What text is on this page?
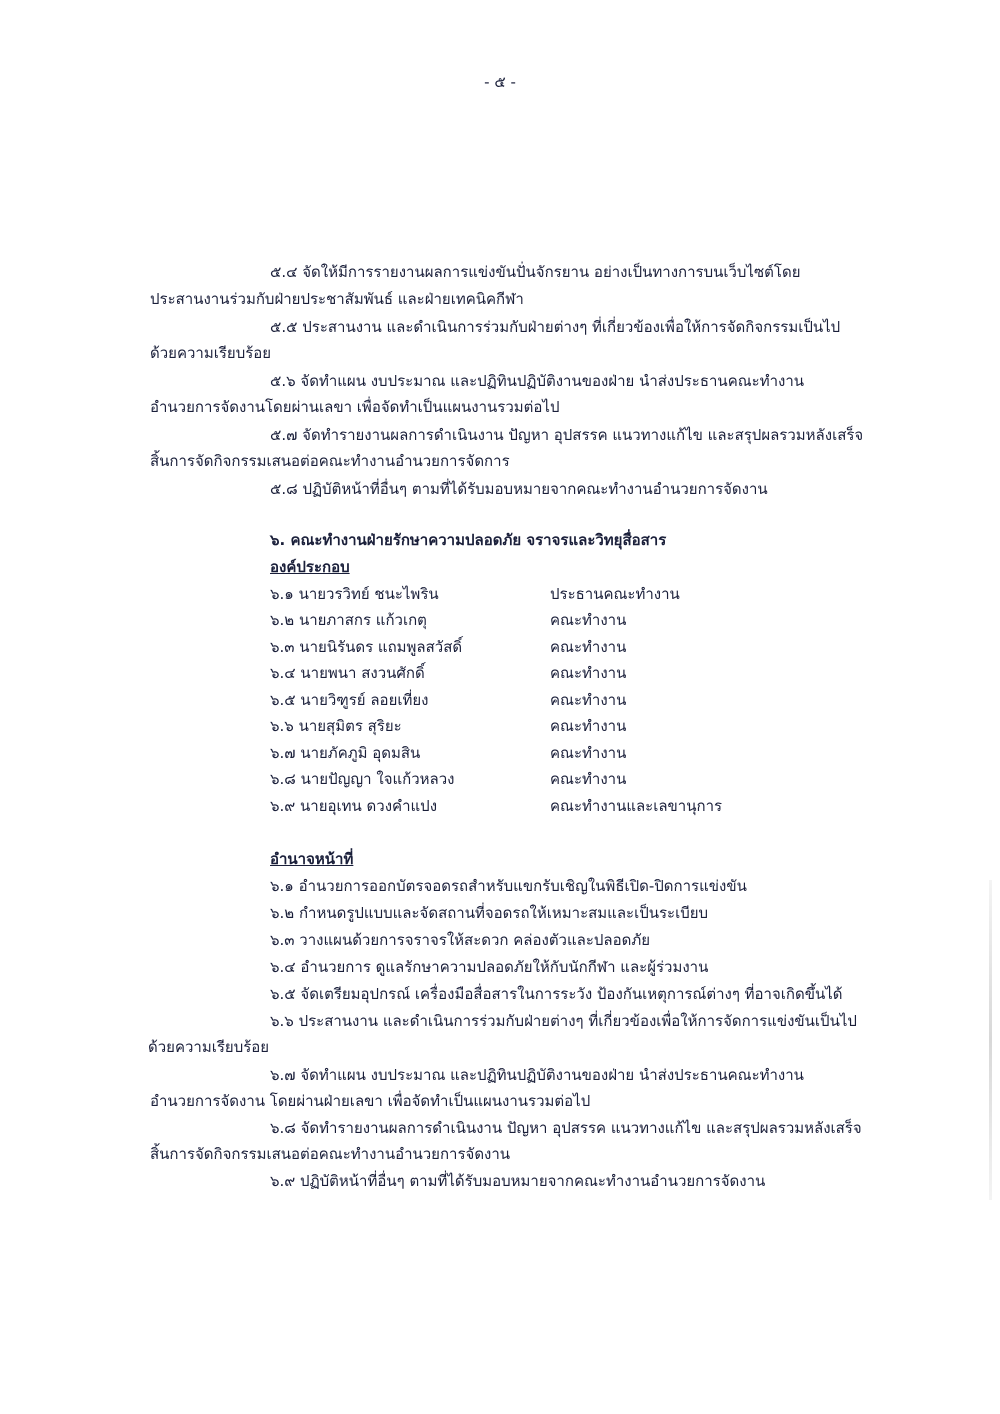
- ๕ -
๕.๔ จัดให้มีการรายงานผลการแข่งขันปั่นจักรยาน อย่างเป็นทางการบนเว็บไซต์โดย
ประสานงานร่วมกับฝ่ายประชาสัมพันธ์ และฝ่ายเทคนิคกีฬา
๕.๕ ประสานงาน และดำเนินการร่วมกับฝ่ายต่างๆ ที่เกี่ยวข้องเพื่อให้การจัดกิจกรรมเป็นไป
ด้วยความเรียบร้อย
๕.๖ จัดทำแผน งบประมาณ และปฏิทินปฏิบัติงานของฝ่าย นำส่งประธานคณะทำงาน
อำนวยการจัดงานโดยผ่านเลขา เพื่อจัดทำเป็นแผนงานรวมต่อไป
๕.๗ จัดทำรายงานผลการดำเนินงาน ปัญหา อุปสรรค แนวทางแก้ไข และสรุปผลรวมหลังเสร็จ
สิ้นการจัดกิจกรรมเสนอต่อคณะทำงานอำนวยการจัดการ
๕.๘ ปฏิบัติหน้าที่อื่นๆ ตามที่ได้รับมอบหมายจากคณะทำงานอำนวยการจัดงาน
๖. คณะทำงานฝ่ายรักษาความปลอดภัย จราจรและวิทยุสื่อสาร
องค์ประกอบ
๖.๑ นายวรวิทย์ ชนะไพริน	ประธานคณะทำงาน
๖.๒ นายภาสกร แก้วเกตุ	คณะทำงาน
๖.๓ นายนิรันดร แถมพูลสวัสดิ์	คณะทำงาน
๖.๔ นายพนา สงวนศักดิ์	คณะทำงาน
๖.๕ นายวิฑูรย์ ลอยเที่ยง	คณะทำงาน
๖.๖ นายสุมิตร สุริยะ	คณะทำงาน
๖.๗ นายภัคภูมิ อุดมสิน	คณะทำงาน
๖.๘ นายปัญญา ใจแก้วหลวง	คณะทำงาน
๖.๙ นายอุเทน ดวงคำแปง	คณะทำงานและเลขานุการ
อำนาจหน้าที่
๖.๑ อำนวยการออกบัตรจอดรถสำหรับแขกรับเชิญในพิธีเปิด-ปิดการแข่งขัน
๖.๒ กำหนดรูปแบบและจัดสถานที่จอดรถให้เหมาะสมและเป็นระเบียบ
๖.๓ วางแผนด้วยการจราจรให้สะดวก คล่องตัวและปลอดภัย
๖.๔ อำนวยการ ดูแลรักษาความปลอดภัยให้กับนักกีฬา และผู้ร่วมงาน
๖.๕ จัดเตรียมอุปกรณ์ เครื่องมือสื่อสารในการระวัง ป้องกันเหตุการณ์ต่างๆ ที่อาจเกิดขึ้นได้
๖.๖ ประสานงาน และดำเนินการร่วมกับฝ่ายต่างๆ ที่เกี่ยวข้องเพื่อให้การจัดการแข่งขันเป็นไป
ด้วยความเรียบร้อย
๖.๗ จัดทำแผน งบประมาณ และปฏิทินปฏิบัติงานของฝ่าย นำส่งประธานคณะทำงาน
อำนวยการจัดงาน โดยผ่านฝ่ายเลขา เพื่อจัดทำเป็นแผนงานรวมต่อไป
๖.๘ จัดทำรายงานผลการดำเนินงาน ปัญหา อุปสรรค แนวทางแก้ไข และสรุปผลรวมหลังเสร็จ
สิ้นการจัดกิจกรรมเสนอต่อคณะทำงานอำนวยการจัดงาน
๖.๙ ปฏิบัติหน้าที่อื่นๆ ตามที่ได้รับมอบหมายจากคณะทำงานอำนวยการจัดงาน
